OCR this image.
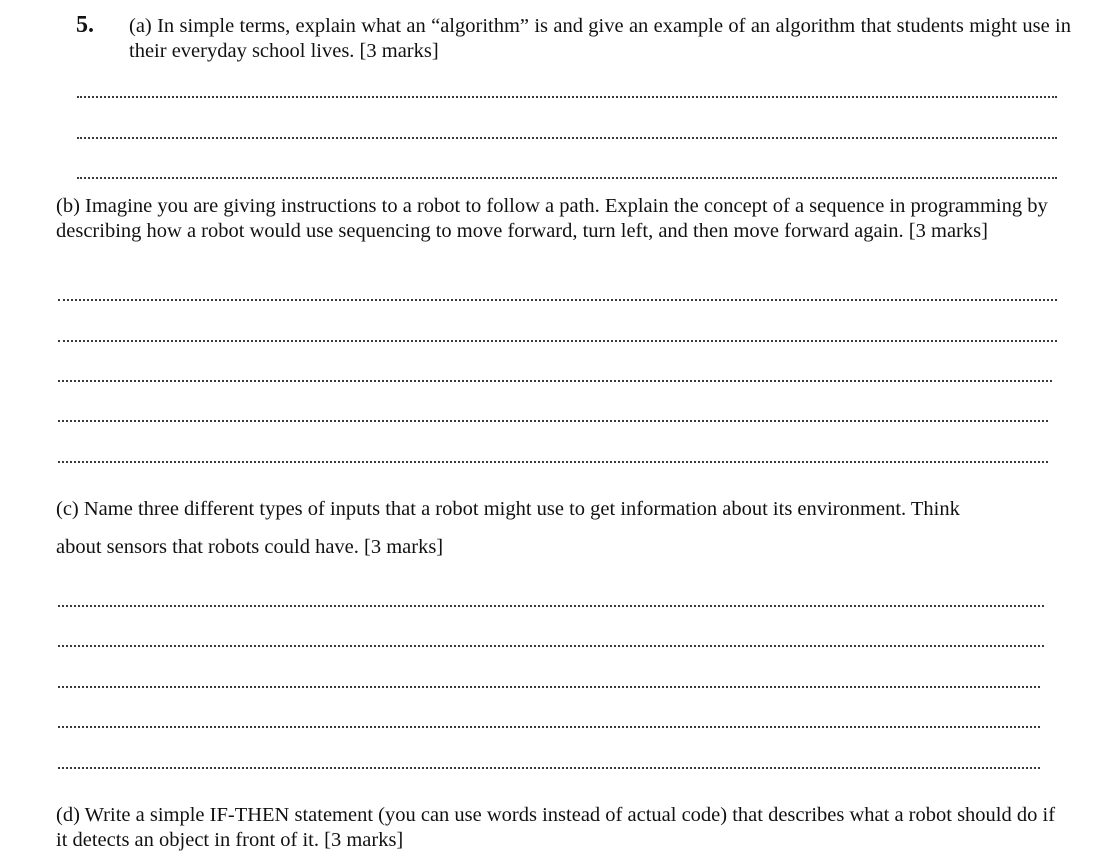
5. (a) In simple terms, explain what an “algorithm” is and give an example of an algorithm that students might use in their everyday school lives. [3 marks]

(b) Imagine you are giving instructions to a robot to follow a path. Explain the concept of a sequence in programming by describing how a robot would use sequencing to move forward, turn left, and then move forward again. [3 marks]

(c) Name three different types of inputs that a robot might use to get information about its environment. Think
about sensors that robots could have. [3 marks]

(d) Write a simple IF-THEN statement (you can use words instead of actual code) that describes what a robot should do if it detects an object in front of it. [3 marks]
